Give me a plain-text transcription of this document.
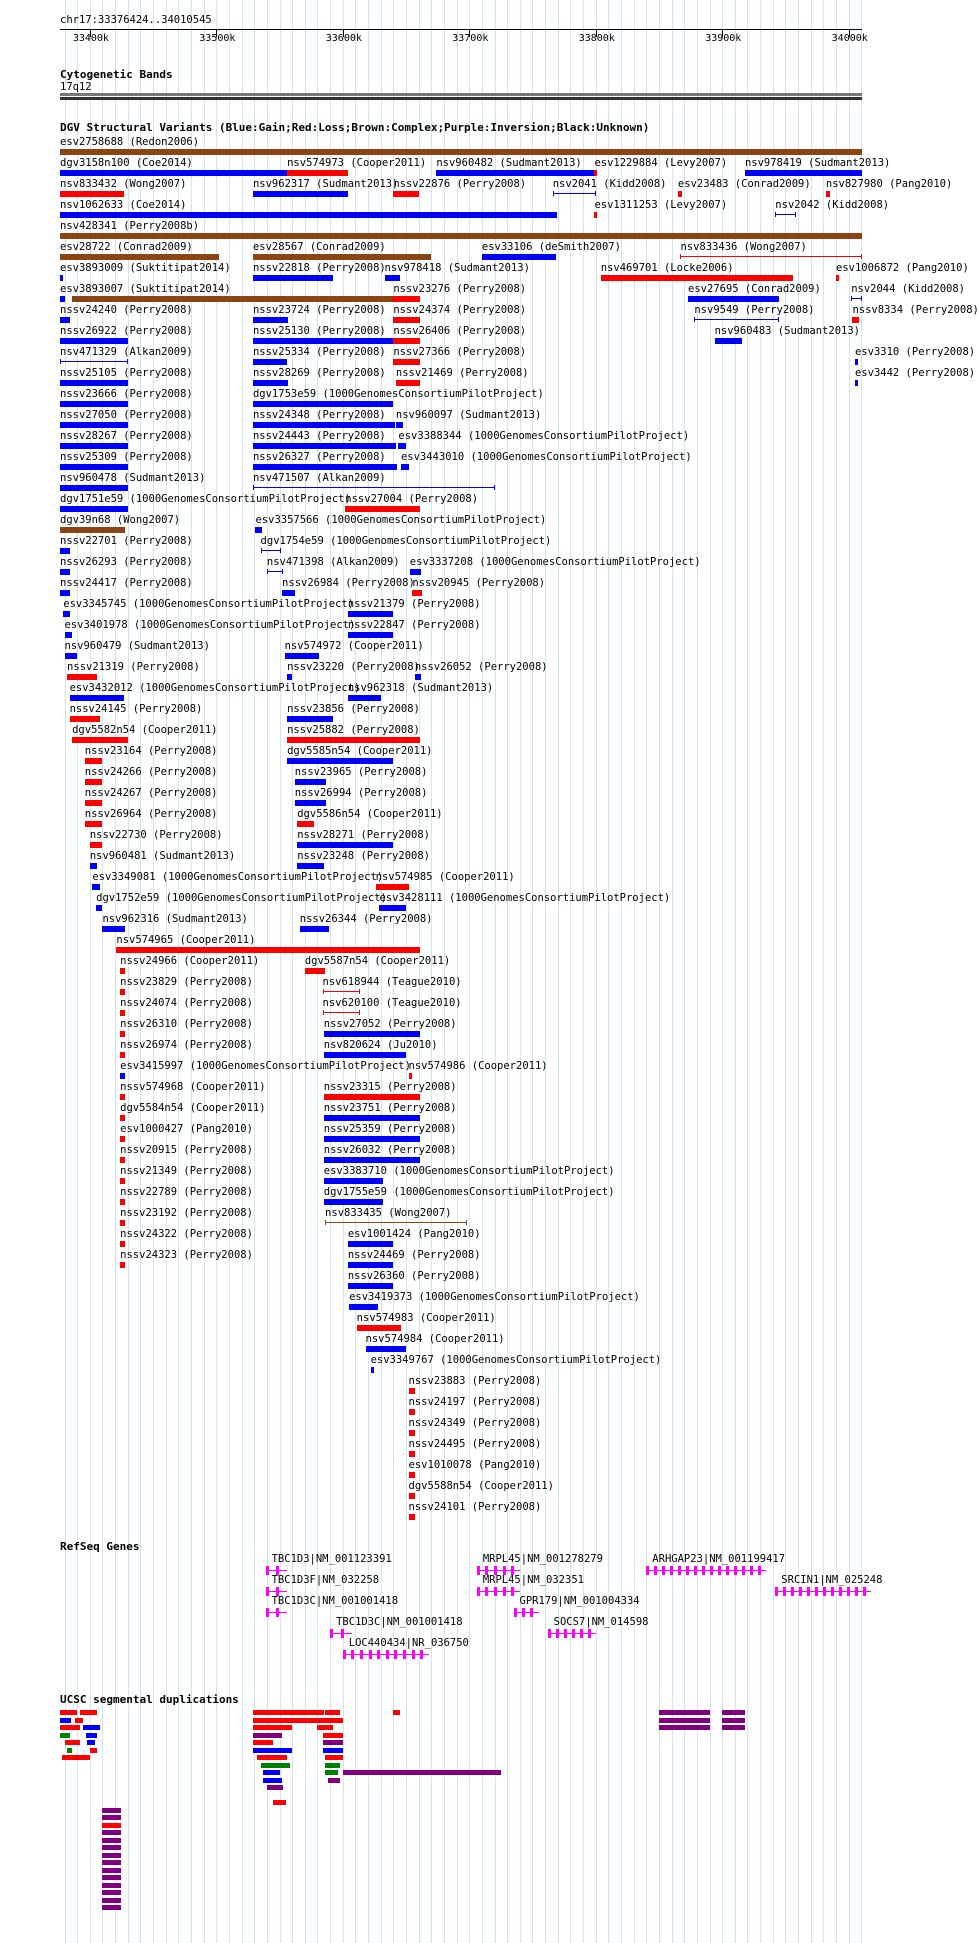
chr17:33376424..34010545
33400k	33500k	33600k	33700k	33800k	33900k	34000k
Cytogenetic Bands
17q12
DGV Structural Variants (Blue:Gain;Red:Loss;Brown:Complex;Purple:Inversion;Black:Unknown)
esv2758688 (Redon2006)
dgv3158n100 (Coe2014)	nsv574973 (Cooper2011) nsv960482 (Sudmant2013) esv1229884 (Levy2007) nsv978419 (Sudmant2013)
nsv833432 (Wong2007)	nsv962317 (Sudmant2013)
nssv22876 (Perry2008)	nsv2041 (Kidd2008) esv23483 (Conrad2009) nsv827980 (Pang2010)
nsv1062633 (Coe2014)	esv1311253 (Levy2007)	nsv2042 (Kidd2008)
nsv428341 (Perry2008b)
esv28722 (Conrad2009)	esv28567 (Conrad2009)	esv33106 (deSmith2007)	nsv833436 (Wong2007)
esv3893009 (Suktitipat2014) nssv22818 (Perry2008)
nsv978418 (Sudmant2013)	nsv469701 (Locke2006)	esv1006872 (Pang2010)
esv3893007 (Suktitipat2014)	nssv23276 (Perry2008)	esv27695 (Conrad2009)	nsv2044 (Kidd2008)
nssv24240 (Perry2008)	nssv23724 (Perry2008) nssv24374 (Perry2008)	nsv9549 (Perry2008)	nssv8334 (Perry2008)
nssv26922 (Perry2008)	nssv25130 (Perry2008) nssv26406 (Perry2008)	nsv960483 (Sudmant2013)
nsv471329 (Alkan2009)	nssv25334 (Perry2008) nssv27366 (Perry2008)	esv3310 (Perry2008)
nssv25105 (Perry2008)	nssv28269 (Perry2008) nssv21469 (Perry2008)	esv3442 (Perry2008)
nssv23666 (Perry2008)	dgv1753e59 (1000GenomesConsortiumPilotProject)
nssv27050 (Perry2008)	nssv24348 (Perry2008) nsv960097 (Sudmant2013)
nssv28267 (Perry2008)	nssv24443 (Perry2008) esv3388344 (1000GenomesConsortiumPilotProject)
nssv25309 (Perry2008)	nssv26327 (Perry2008) esv3443010 (1000GenomesConsortiumPilotProject)
nsv960478 (Sudmant2013)	nsv471507 (Alkan2009)
dgv1751e59 (1000GenomesConsortiumPilotProject)
nssv27004 (Perry2008)
dgv39n68 (Wong2007)	esv3357566 (1000GenomesConsortiumPilotProject)
nssv22701 (Perry2008)	dgv1754e59 (1000GenomesConsortiumPilotProject)
nssv26293 (Perry2008)	nsv471398 (Alkan2009) esv3337208 (1000GenomesConsortiumPilotProject)
nssv24417 (Perry2008)	nssv26984 (Perry2008)
nssv20945 (Perry2008)
esv3345745 (1000GenomesConsortiumPilotProject)
nssv21379 (Perry2008)
esv3401978 (1000GenomesConsortiumPilotProject)
nssv22847 (Perry2008)
nsv960479 (Sudmant2013)	nsv574972 (Cooper2011)
nssv21319 (Perry2008)	nssv23220 (Perry2008)
nssv26052 (Perry2008)
esv3432012 (1000GenomesConsortiumPilotProject)
nsv962318 (Sudmant2013)
nssv24145 (Perry2008)	nssv23856 (Perry2008)
dgv5582n54 (Cooper2011)	nssv25882 (Perry2008)
nssv23164 (Perry2008)	dgv5585n54 (Cooper2011)
nssv24266 (Perry2008)	nssv23965 (Perry2008)
nssv24267 (Perry2008)	nssv26994 (Perry2008)
nssv26964 (Perry2008)	dgv5586n54 (Cooper2011)
nssv22730 (Perry2008)	nssv28271 (Perry2008)
nsv960481 (Sudmant2013)	nssv23248 (Perry2008)
esv3349081 (1000GenomesConsortiumPilotProject)
nsv574985 (Cooper2011)
dgv1752e59 (1000GenomesConsortiumPilotProject)
esv3428111 (1000GenomesConsortiumPilotProject)
nsv962316 (Sudmant2013)	nssv26344 (Perry2008)
nsv574965 (Cooper2011)
nssv24966 (Cooper2011)	dgv5587n54 (Cooper2011)
nssv23829 (Perry2008)	nsv618944 (Teague2010)
nssv24074 (Perry2008)	nsv620100 (Teague2010)
nssv26310 (Perry2008)	nssv27052 (Perry2008)
nssv26974 (Perry2008)	nsv820624 (Ju2010)
esv3415997 (1000GenomesConsortiumPilotProject)
nsv574986 (Cooper2011)
nssv574968 (Cooper2011)	nssv23315 (Perry2008)
dgv5584n54 (Cooper2011)	nssv23751 (Perry2008)
esv1000427 (Pang2010)	nssv25359 (Perry2008)
nssv20915 (Perry2008)	nssv26032 (Perry2008)
nssv21349 (Perry2008)	esv3383710 (1000GenomesConsortiumPilotProject)
nssv22789 (Perry2008)	dgv1755e59 (1000GenomesConsortiumPilotProject)
nssv23192 (Perry2008)	nsv833435 (Wong2007)
nssv24322 (Perry2008)	esv1001424 (Pang2010)
nssv24323 (Perry2008)	nssv24469 (Perry2008)
nssv26360 (Perry2008)
esv3419373 (1000GenomesConsortiumPilotProject)
nsv574983 (Cooper2011)
nsv574984 (Cooper2011)
esv3349767 (1000GenomesConsortiumPilotProject)
nssv23883 (Perry2008)
nssv24197 (Perry2008)
nssv24349 (Perry2008)
nssv24495 (Perry2008)
esv1010078 (Pang2010)
dgv5588n54 (Cooper2011)
nssv24101 (Perry2008)
RefSeq Genes
TBC1D3|NM_001123391	MRPL45|NM_001278279	ARHGAP23|NM_001199417
TBC1D3F|NM_032258	MRPL45|NM_032351	SRCIN1|NM_025248
TBC1D3C|NM_001001418	GPR179|NM_001004334
TBC1D3C|NM_001001418	SOCS7|NM_014598
LOC440434|NR_036750
UCSC segmental duplications
